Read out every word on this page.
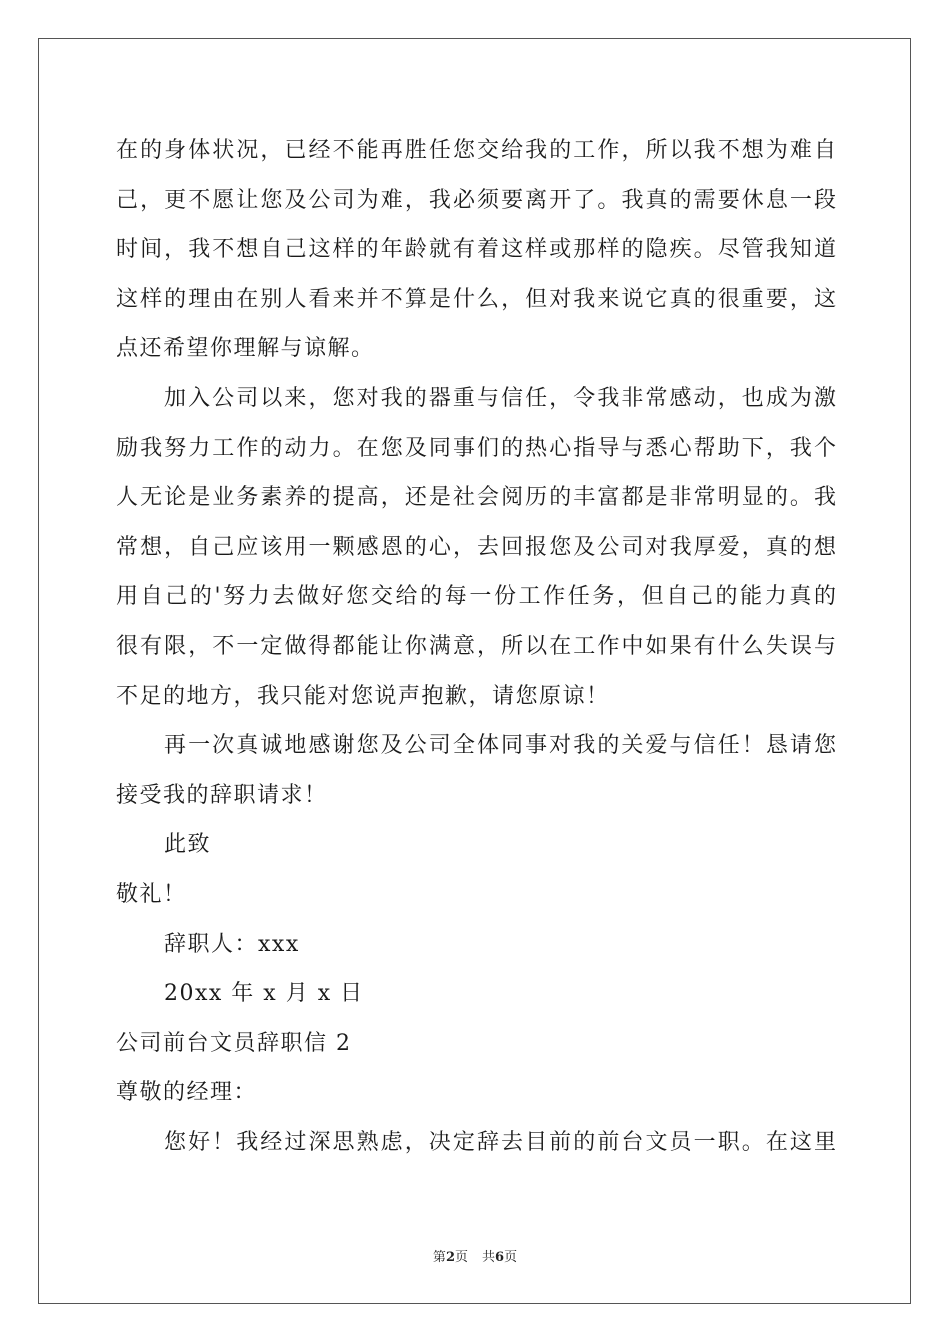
在的身体状况，已经不能再胜任您交给我的工作，所以我不想为难自
己，更不愿让您及公司为难，我必须要离开了。我真的需要休息一段
时间，我不想自己这样的年龄就有着这样或那样的隐疾。尽管我知道
这样的理由在别人看来并不算是什么，但对我来说它真的很重要，这
点还希望你理解与谅解。
加入公司以来，您对我的器重与信任，令我非常感动，也成为激
励我努力工作的动力。在您及同事们的热心指导与悉心帮助下，我个
人无论是业务素养的提高，还是社会阅历的丰富都是非常明显的。我
常想，自己应该用一颗感恩的心，去回报您及公司对我厚爱，真的想
用自己的'努力去做好您交给的每一份工作任务，但自己的能力真的
很有限，不一定做得都能让你满意，所以在工作中如果有什么失误与
不足的地方，我只能对您说声抱歉，请您原谅！
再一次真诚地感谢您及公司全体同事对我的关爱与信任！恳请您
接受我的辞职请求！
此致
敬礼！
辞职人：xxx
20xx 年 x 月 x 日
公司前台文员辞职信 2
尊敬的经理：
您好！我经过深思熟虑，决定辞去目前的前台文员一职。在这里
第2页 共6页
